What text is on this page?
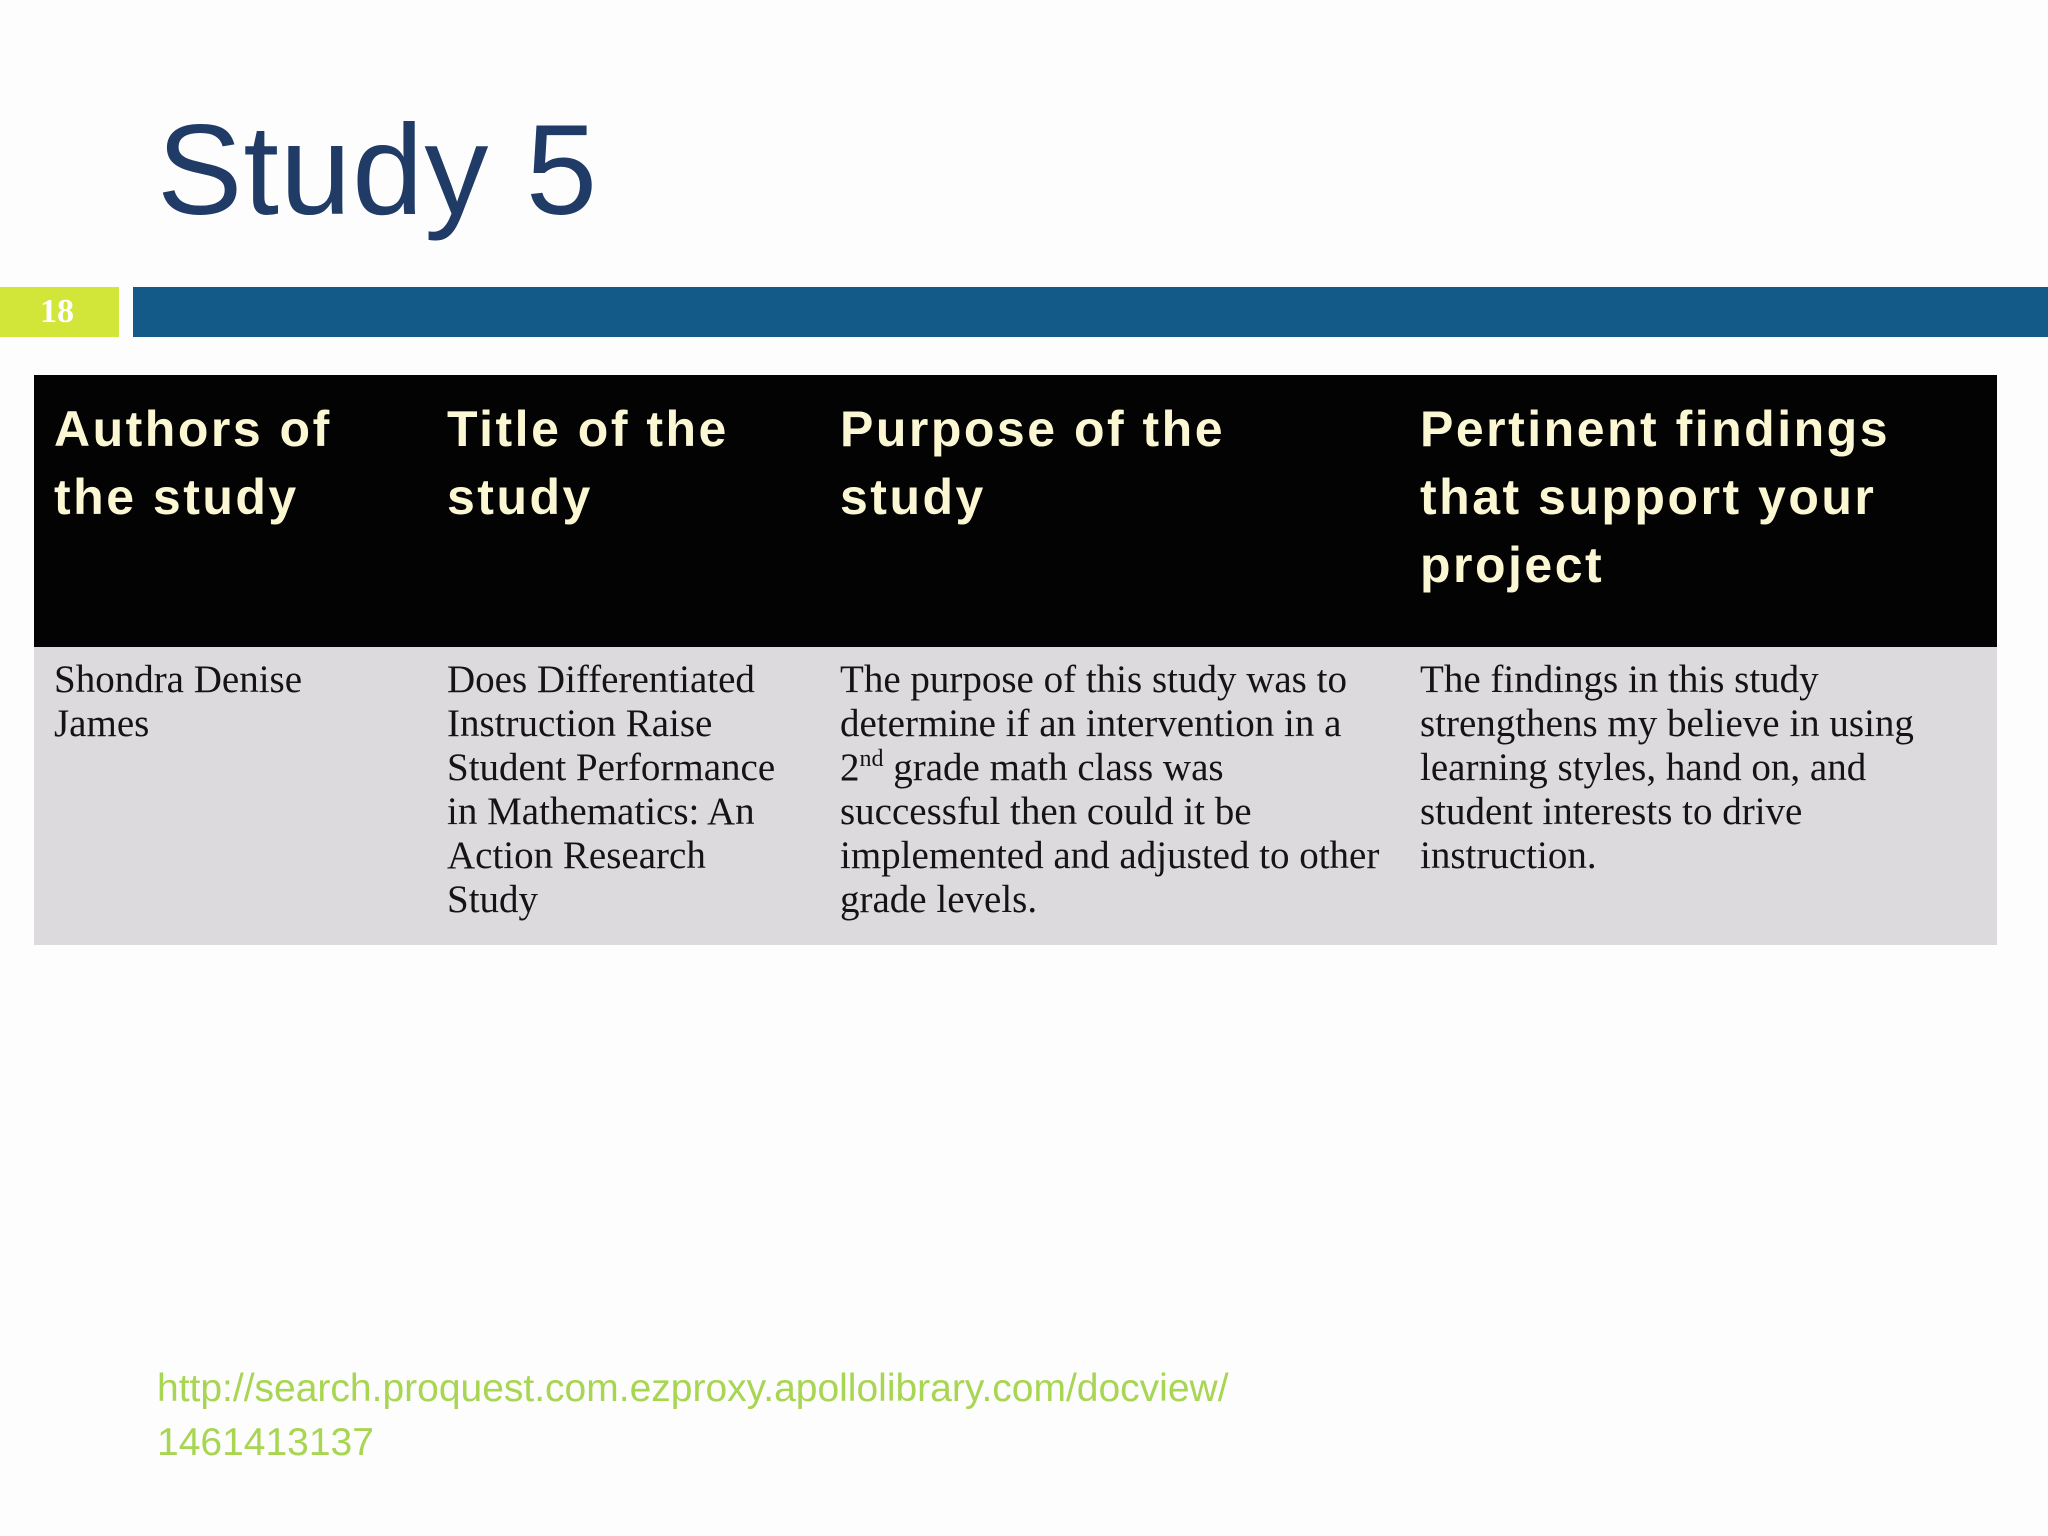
Study 5
18
Authors of the study	Title of the study	Purpose of the study	Pertinent findings that support your project
Shondra Denise James	Does Differentiated Instruction Raise Student Performance in Mathematics: An Action Research Study	The purpose of this study was to determine if an intervention in a 2nd grade math class was successful then could it be implemented and adjusted to other grade levels.	The findings in this study strengthens my believe in using learning styles, hand on, and student interests to drive instruction.
http://search.proquest.com.ezproxy.apollolibrary.com/docview/
1461413137
